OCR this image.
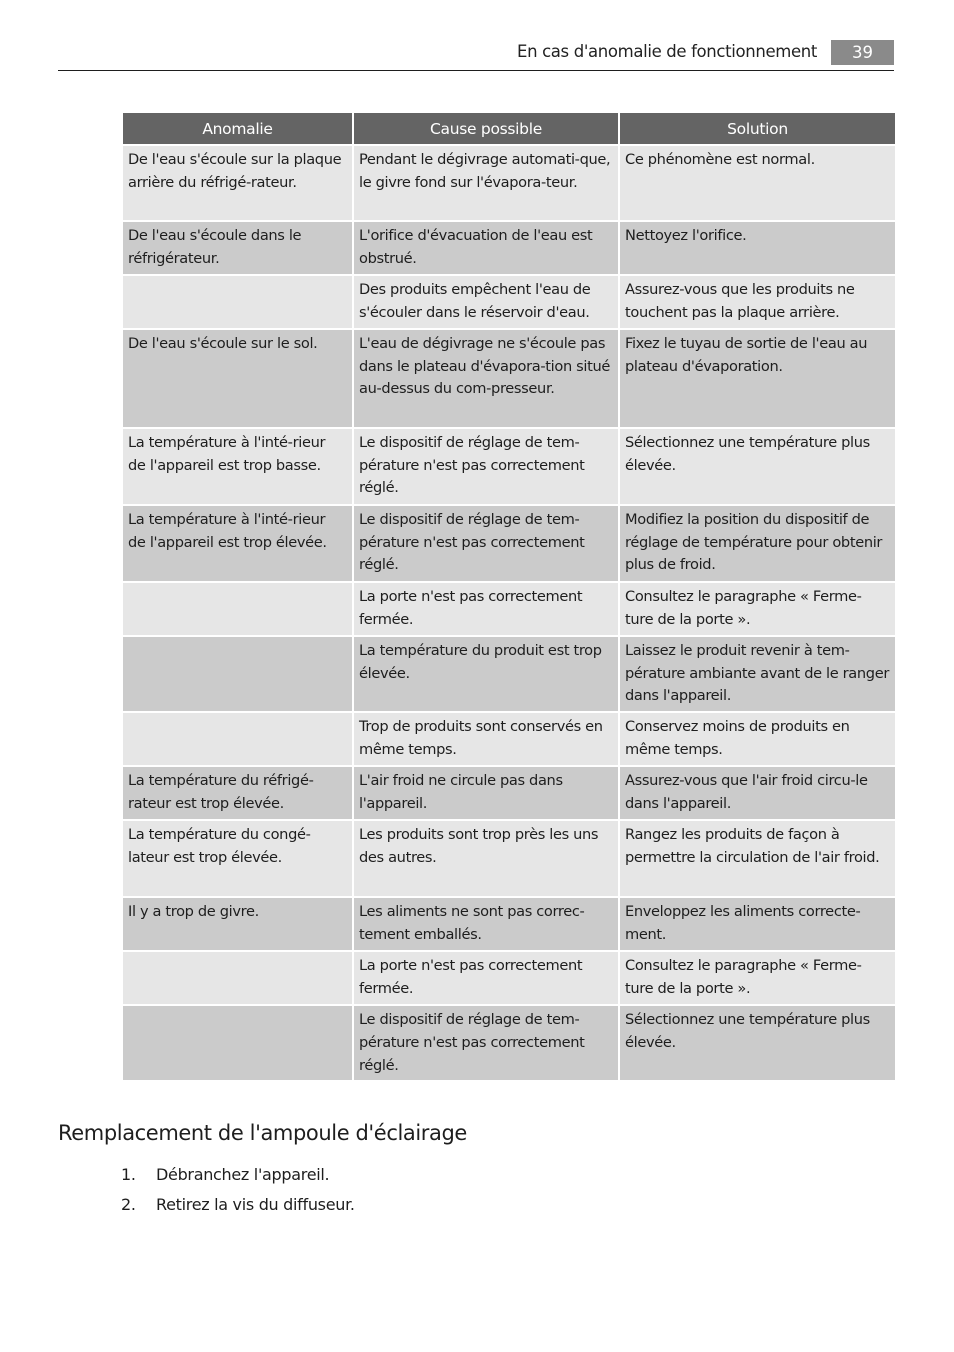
En cas d'anomalie de fonctionnement	39
Anomalie	Cause possible	Solution
De l'eau s'écoule sur la plaque arrière du réfrigé-rateur.	Pendant le dégivrage automati-que, le givre fond sur l'évapora-teur.	Ce phénomène est normal.
De l'eau s'écoule dans le réfrigérateur.	L'orifice d'évacuation de l'eau est obstrué.	Nettoyez l'orifice.
	Des produits empêchent l'eau de s'écouler dans le réservoir d'eau.	Assurez-vous que les produits ne touchent pas la plaque arrière.
De l'eau s'écoule sur le sol.	L'eau de dégivrage ne s'écoule pas dans le plateau d'évapora-tion situé au-dessus du com-presseur.	Fixez le tuyau de sortie de l'eau au plateau d'évaporation.
La température à l'inté-rieur de l'appareil est trop basse.	Le dispositif de réglage de tem-pérature n'est pas correctement réglé.	Sélectionnez une température plus élevée.
La température à l'inté-rieur de l'appareil est trop élevée.	Le dispositif de réglage de tem-pérature n'est pas correctement réglé.	Modifiez la position du dispositif de réglage de température pour obtenir plus de froid.
	La porte n'est pas correctement fermée.	Consultez le paragraphe « Ferme-ture de la porte ».
	La température du produit est trop élevée.	Laissez le produit revenir à tem-pérature ambiante avant de le ranger dans l'appareil.
	Trop de produits sont conservés en même temps.	Conservez moins de produits en même temps.
La température du réfrigé-rateur est trop élevée.	L'air froid ne circule pas dans l'appareil.	Assurez-vous que l'air froid circu-le dans l'appareil.
La température du congé-lateur est trop élevée.	Les produits sont trop près les uns des autres.	Rangez les produits de façon à permettre la circulation de l'air froid.
Il y a trop de givre.	Les aliments ne sont pas correc-tement emballés.	Enveloppez les aliments correcte-ment.
	La porte n'est pas correctement fermée.	Consultez le paragraphe « Ferme-ture de la porte ».
	Le dispositif de réglage de tem-pérature n'est pas correctement réglé.	Sélectionnez une température plus élevée.
Remplacement de l'ampoule d'éclairage
1. Débranchez l'appareil.
2. Retirez la vis du diffuseur.
